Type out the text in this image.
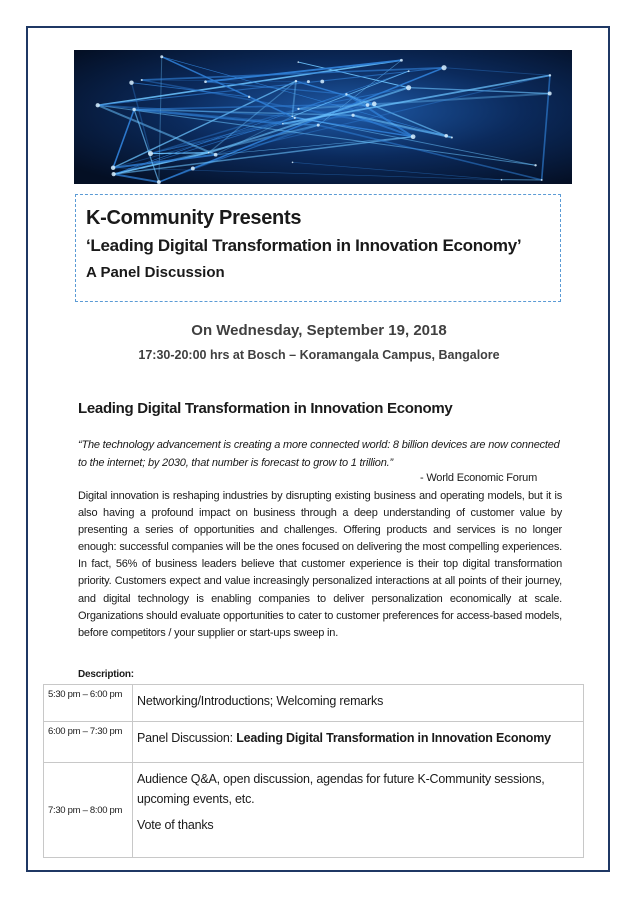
K-Community Presents
‘Leading Digital Transformation in Innovation Economy’
A Panel Discussion
On Wednesday, September 19, 2018
17:30-20:00 hrs at Bosch – Koramangala Campus, Bangalore
Leading Digital Transformation in Innovation Economy
“The technology advancement is creating a more connected world: 8 billion devices are now connected to the internet; by 2030, that number is forecast to grow to 1 trillion.”
- World Economic Forum
Digital innovation is reshaping industries by disrupting existing business and operating models, but it is also having a profound impact on business through a deep understanding of customer value by presenting a series of opportunities and challenges. Offering products and services is no longer enough: successful companies will be the ones focused on delivering the most compelling experiences. In fact, 56% of business leaders believe that customer experience is their top digital transformation priority. Customers expect and value increasingly personalized interactions at all points of their journey, and digital technology is enabling companies to deliver personalization economically at scale. Organizations should evaluate opportunities to cater to customer preferences for access-based models, before competitors / your supplier or start-ups sweep in.
Description:
5:30 pm – 6:00 pm	Networking/Introductions; Welcoming remarks
6:00 pm – 7:30 pm	Panel Discussion: Leading Digital Transformation in Innovation Economy
7:30 pm – 8:00 pm	Audience Q&A, open discussion, agendas for future K-Community sessions, upcoming events, etc.

Vote of thanks
